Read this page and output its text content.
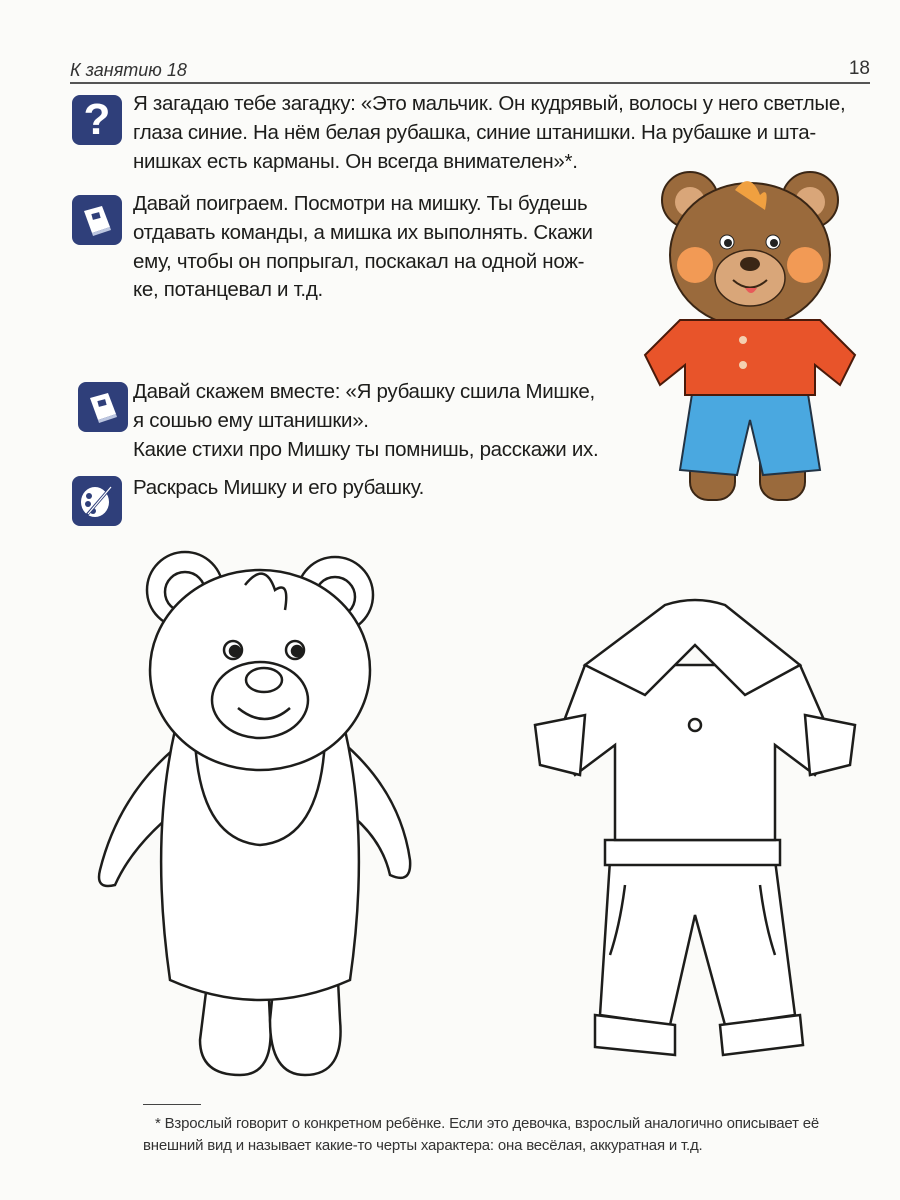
К занятию 18	18
? Я загадаю тебе загадку: «Это мальчик. Он кудрявый, волосы у него светлые,
глаза синие. На нём белая рубашка, синие штанишки. На рубашке и шта-
нишках есть карманы. Он всегда внимателен»*.
Давай поиграем. Посмотри на мишку. Ты будешь
отдавать команды, а мишка их выполнять. Скажи
ему, чтобы он попрыгал, поскакал на одной нож-
ке, потанцевал и т.д.
Давай скажем вместе: «Я рубашку сшила Мишке,
я сошью ему штанишки».
Какие стихи про Мишку ты помнишь, расскажи их.
Раскрась Мишку и его рубашку.
* Взрослый говорит о конкретном ребёнке. Если это девочка, взрослый аналогично описывает её
внешний вид и называет какие-то черты характера: она весёлая, аккуратная и т.д.
